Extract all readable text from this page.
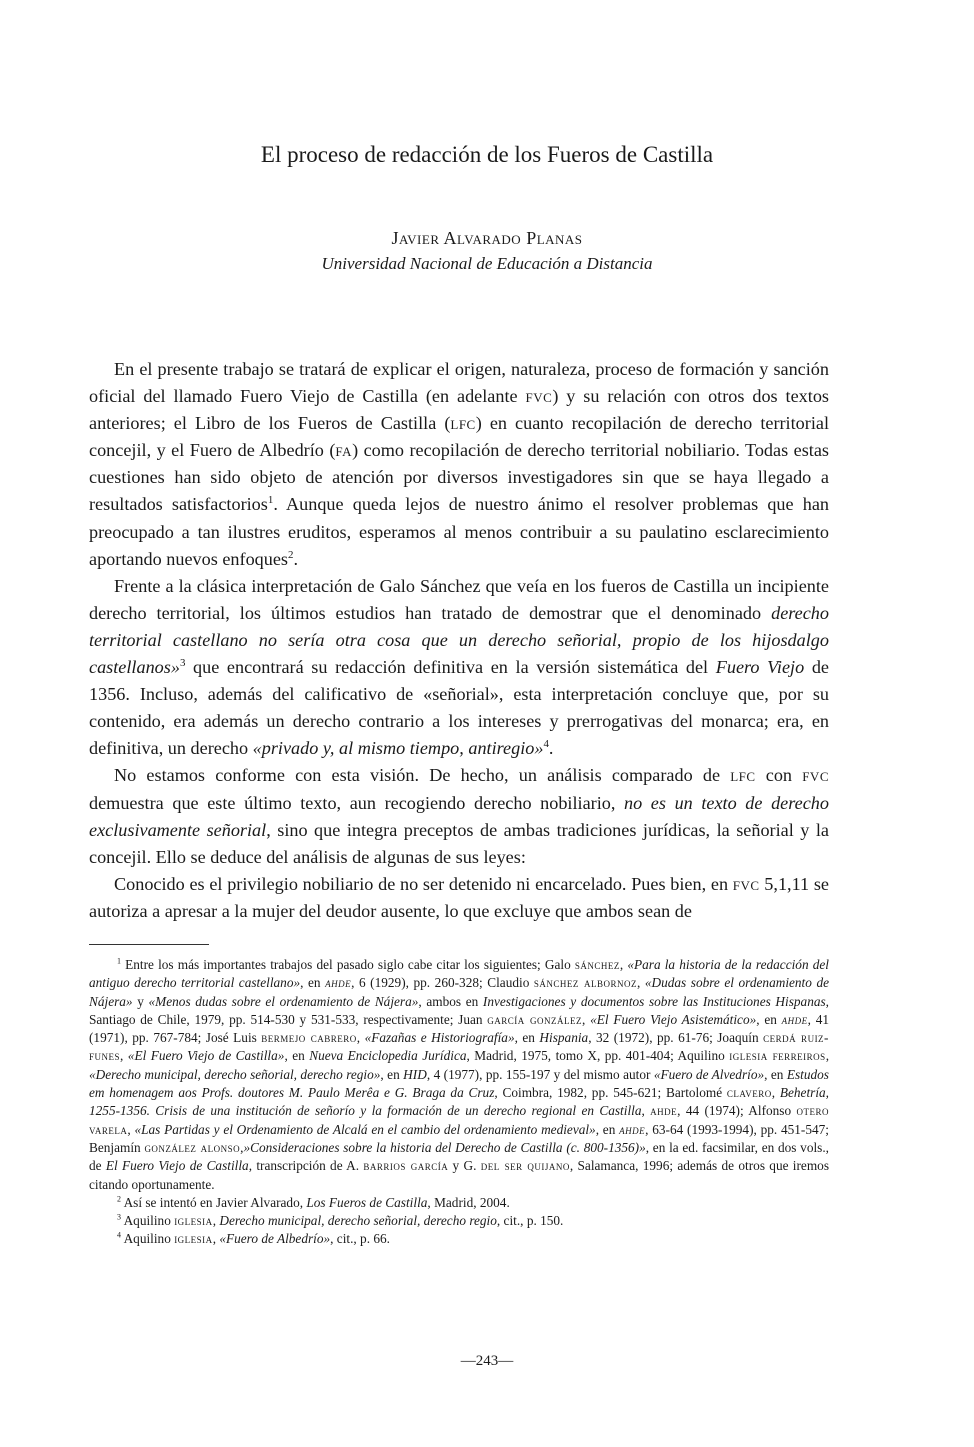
El proceso de redacción de los Fueros de Castilla
Javier Alvarado Planas
Universidad Nacional de Educación a Distancia

En el presente trabajo se tratará de explicar el origen, naturaleza, proceso de formación y sanción oficial del llamado Fuero Viejo de Castilla (en adelante fvc) y su relación con otros dos textos anteriores; el Libro de los Fueros de Castilla (lfc) en cuanto recopilación de derecho territorial concejil, y el Fuero de Albedrío (fa) como recopilación de derecho territorial nobiliario. Todas estas cuestiones han sido objeto de atención por diversos investigadores sin que se haya llegado a resultados satisfactorios$^1$. Aunque queda lejos de nuestro ánimo el resolver problemas que han preocupado a tan ilustres eruditos, esperamos al menos contribuir a su paulatino esclarecimiento aportando nuevos enfoques$^2$.

Frente a la clásica interpretación de Galo Sánchez que veía en los fueros de Castilla un incipiente derecho territorial, los últimos estudios han tratado de demostrar que el denominado derecho territorial castellano no sería otra cosa que un derecho señorial, propio de los hijosdalgo castellanos»$^3$ que encontrará su redacción definitiva en la versión sistemática del Fuero Viejo de 1356. Incluso, además del calificativo de «señorial», esta interpretación concluye que, por su contenido, era además un derecho contrario a los intereses y prerrogativas del monarca; era, en definitiva, un derecho «privado y, al mismo tiempo, antiregio»$^4$.

No estamos conforme con esta visión. De hecho, un análisis comparado de lfc con fvc demuestra que este último texto, aun recogiendo derecho nobiliario, no es un texto de derecho exclusivamente señorial, sino que integra preceptos de ambas tradiciones jurídicas, la señorial y la concejil. Ello se deduce del análisis de algunas de sus leyes:

Conocido es el privilegio nobiliario de no ser detenido ni encarcelado. Pues bien, en fvc 5,1,11 se autoriza a apresar a la mujer del deudor ausente, lo que excluye que ambos sean de

$^1$ Entre los más importantes trabajos del pasado siglo cabe citar los siguientes; Galo sánchez, «Para la historia de la redacción del antiguo derecho territorial castellano», en ahde, 6 (1929), pp. 260-328; Claudio sánchez albornoz, «Dudas sobre el ordenamiento de Nájera» y «Menos dudas sobre el ordenamiento de Nájera», ambos en Investigaciones y documentos sobre las Instituciones Hispanas, Santiago de Chile, 1979, pp. 514-530 y 531-533, respectivamente; Juan garcía gonzález, «El Fuero Viejo Asistemático», en ahde, 41 (1971), pp. 767-784; José Luis bermejo cabrero, «Fazañas e Historiografía», en Hispania, 32 (1972), pp. 61-76; Joaquín cerdá ruiz-funes, «El Fuero Viejo de Castilla», en Nueva Enciclopedia Jurídica, Madrid, 1975, tomo X, pp. 401-404; Aquilino iglesia ferreiros, «Derecho municipal, derecho señorial, derecho regio», en HID, 4 (1977), pp. 155-197 y del mismo autor «Fuero de Alvedrío», en Estudos em homenagem aos Profs. doutores M. Paulo Merêa e G. Braga da Cruz, Coimbra, 1982, pp. 545-621; Bartolomé clavero, Behetría, 1255-1356. Crisis de una institución de señorío y la formación de un derecho regional en Castilla, ahde, 44 (1974); Alfonso otero varela, «Las Partidas y el Ordenamiento de Alcalá en el cambio del ordenamiento medieval», en ahde, 63-64 (1993-1994), pp. 451-547; Benjamín gonzález alonso,»Consideraciones sobre la historia del Derecho de Castilla (c. 800-1356)», en la ed. facsimilar, en dos vols., de El Fuero Viejo de Castilla, transcripción de A. barrios garcía y G. del ser quijano, Salamanca, 1996; además de otros que iremos citando oportunamente.

$^2$ Así se intentó en Javier Alvarado, Los Fueros de Castilla, Madrid, 2004.

$^3$ Aquilino iglesia, Derecho municipal, derecho señorial, derecho regio, cit., p. 150.

$^4$ Aquilino iglesia, «Fuero de Albedrío», cit., p. 66.

—243—
